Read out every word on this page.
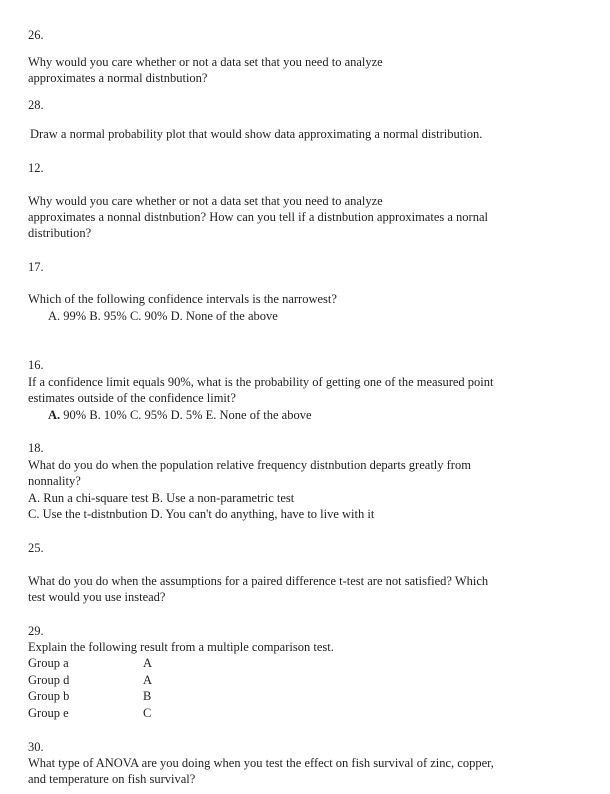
26.
Why would you care whether or not a data set that you need to analyze
approximates a normal distnbution?
28.
Draw a normal probability plot that would show data approximating a normal distribution.
12.
Why would you care whether or not a data set that you need to analyze
approximates a nonnal distnbution? How can you tell if a distnbution approximates a nornal
distribution?
17.
Which of the following confidence intervals is the narrowest?
A. 99% B. 95% C. 90% D. None of the above
16.
If a confidence limit equals 90%, what is the probability of getting one of the measured point
estimates outside of the confidence limit?
A. 90% B. 10% C. 95% D. 5% E. None of the above
18.
What do you do when the population relative frequency distnbution departs greatly from
nonnality?
A. Run a chi-square test B. Use a non-parametric test
C. Use the t-distnbution D. You can't do anything, have to live with it
25.
What do you do when the assumptions for a paired difference t-test are not satisfied? Which
test would you use instead?
29.
Explain the following result from a multiple comparison test.
Group a	A
Group d	A
Group b	B
Group e	C
30.
What type of ANOVA are you doing when you test the effect on fish survival of zinc, copper,
and temperature on fish survival?
